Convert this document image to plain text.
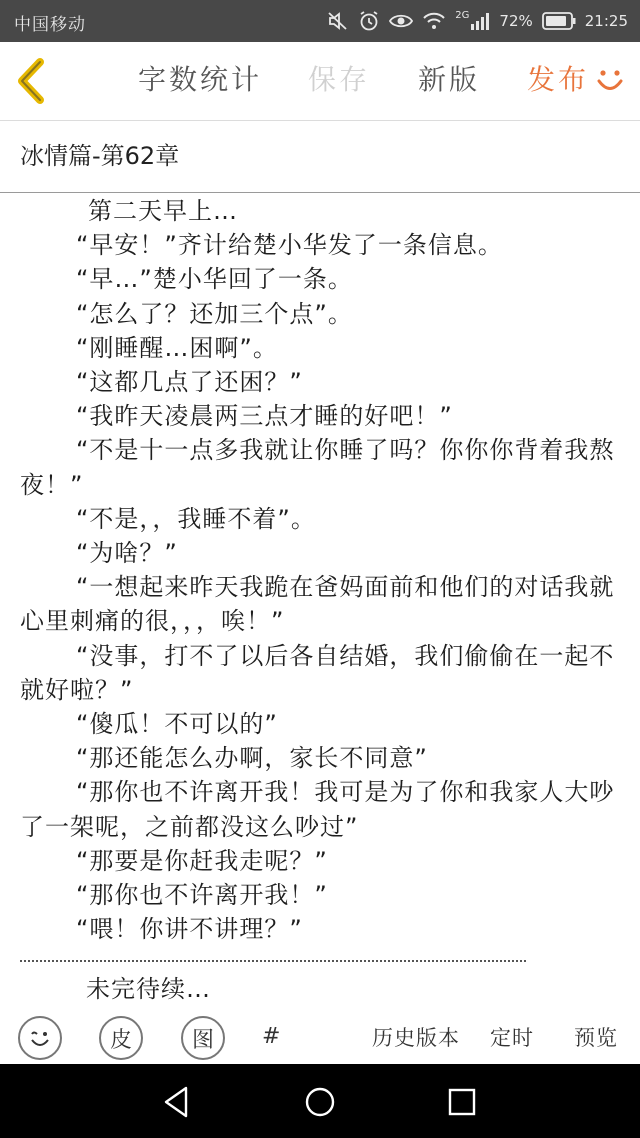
中国移动	2G 72%	21:25
字数统计 保存 新版 发布
冰情篇-第62章

第二天早上…

“早安！”齐计给楚小华发了一条信息。

“早…”楚小华回了一条。

“怎么了？还加三个点”。

“刚睡醒…困啊”。

“这都几点了还困？”

“我昨天凌晨两三点才睡的好吧！”

“不是十一点多我就让你睡了吗？你你你背着我熬夜！”

“不是，，我睡不着”。

“为啥？”

“一想起来昨天我跪在爸妈面前和他们的对话我就心里刺痛的很，，，唉！”

“没事，打不了以后各自结婚，我们偷偷在一起不就好啦？”

“傻瓜！不可以的”

“那还能怎么办啊，家长不同意”

“那你也不许离开我！我可是为了你和我家人大吵了一架呢，之前都没这么吵过”

“那要是你赶我走呢？”

“那你也不许离开我！”

“喂！你讲不讲理？”

未完待续…
皮	图	#	历史版本 定时 预览
